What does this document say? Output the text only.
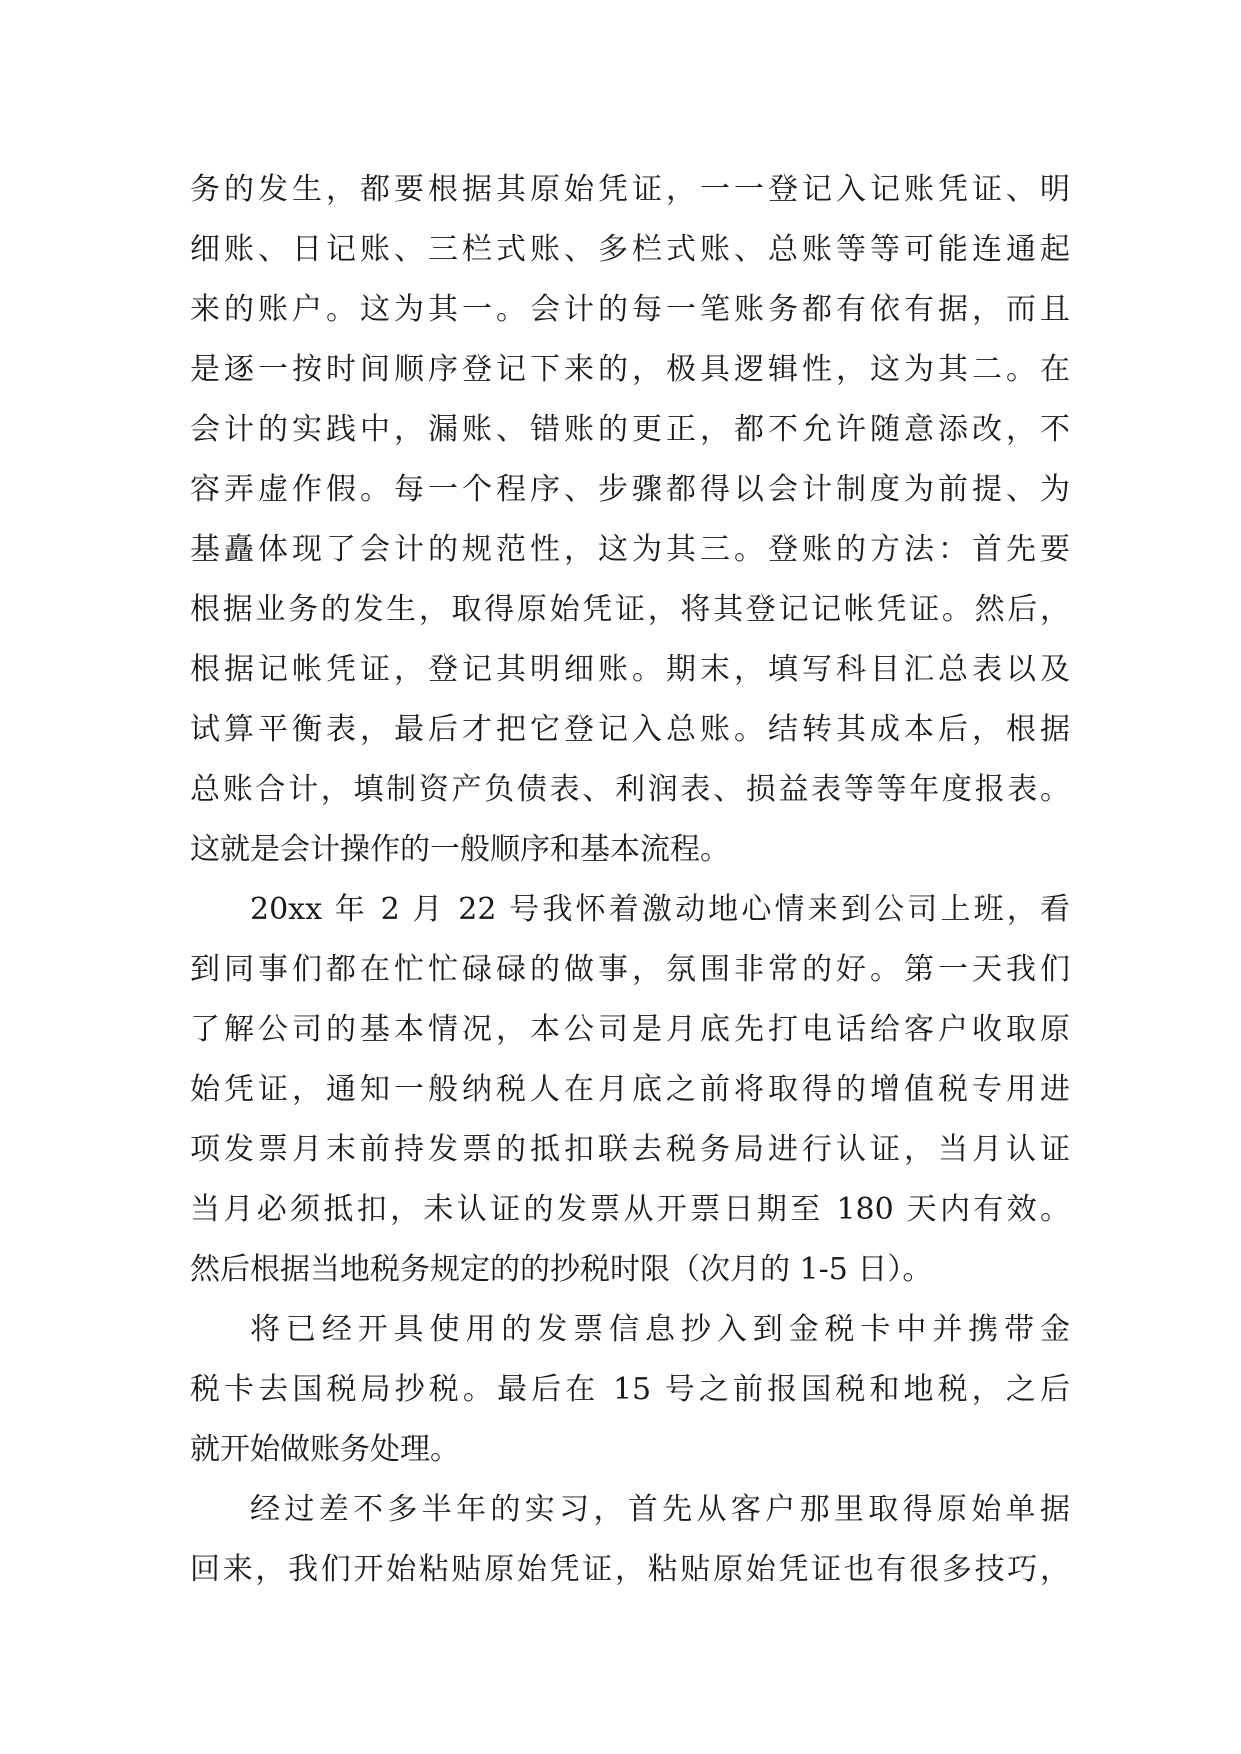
务的发生，都要根据其原始凭证，一一登记入记账凭证、明
细账、日记账、三栏式账、多栏式账、总账等等可能连通起
来的账户。这为其一。会计的每一笔账务都有依有据，而且
是逐一按时间顺序登记下来的，极具逻辑性，这为其二。在
会计的实践中，漏账、错账的更正，都不允许随意添改，不
容弄虚作假。每一个程序、步骤都得以会计制度为前提、为
基矗体现了会计的规范性，这为其三。登账的方法：首先要
根据业务的发生，取得原始凭证，将其登记记帐凭证。然后，
根据记帐凭证，登记其明细账。期末，填写科目汇总表以及
试算平衡表，最后才把它登记入总账。结转其成本后，根据
总账合计，填制资产负债表、利润表、损益表等等年度报表。
这就是会计操作的一般顺序和基本流程。
20xx 年 2 月 22 号我怀着激动地心情来到公司上班，看
到同事们都在忙忙碌碌的做事，氛围非常的好。第一天我们
了解公司的基本情况，本公司是月底先打电话给客户收取原
始凭证，通知一般纳税人在月底之前将取得的增值税专用进
项发票月末前持发票的抵扣联去税务局进行认证，当月认证
当月必须抵扣，未认证的发票从开票日期至 180 天内有效。
然后根据当地税务规定的的抄税时限（次月的 1-5 日）。
将已经开具使用的发票信息抄入到金税卡中并携带金
税卡去国税局抄税。最后在 15 号之前报国税和地税，之后
就开始做账务处理。
经过差不多半年的实习，首先从客户那里取得原始单据
回来，我们开始粘贴原始凭证，粘贴原始凭证也有很多技巧，
